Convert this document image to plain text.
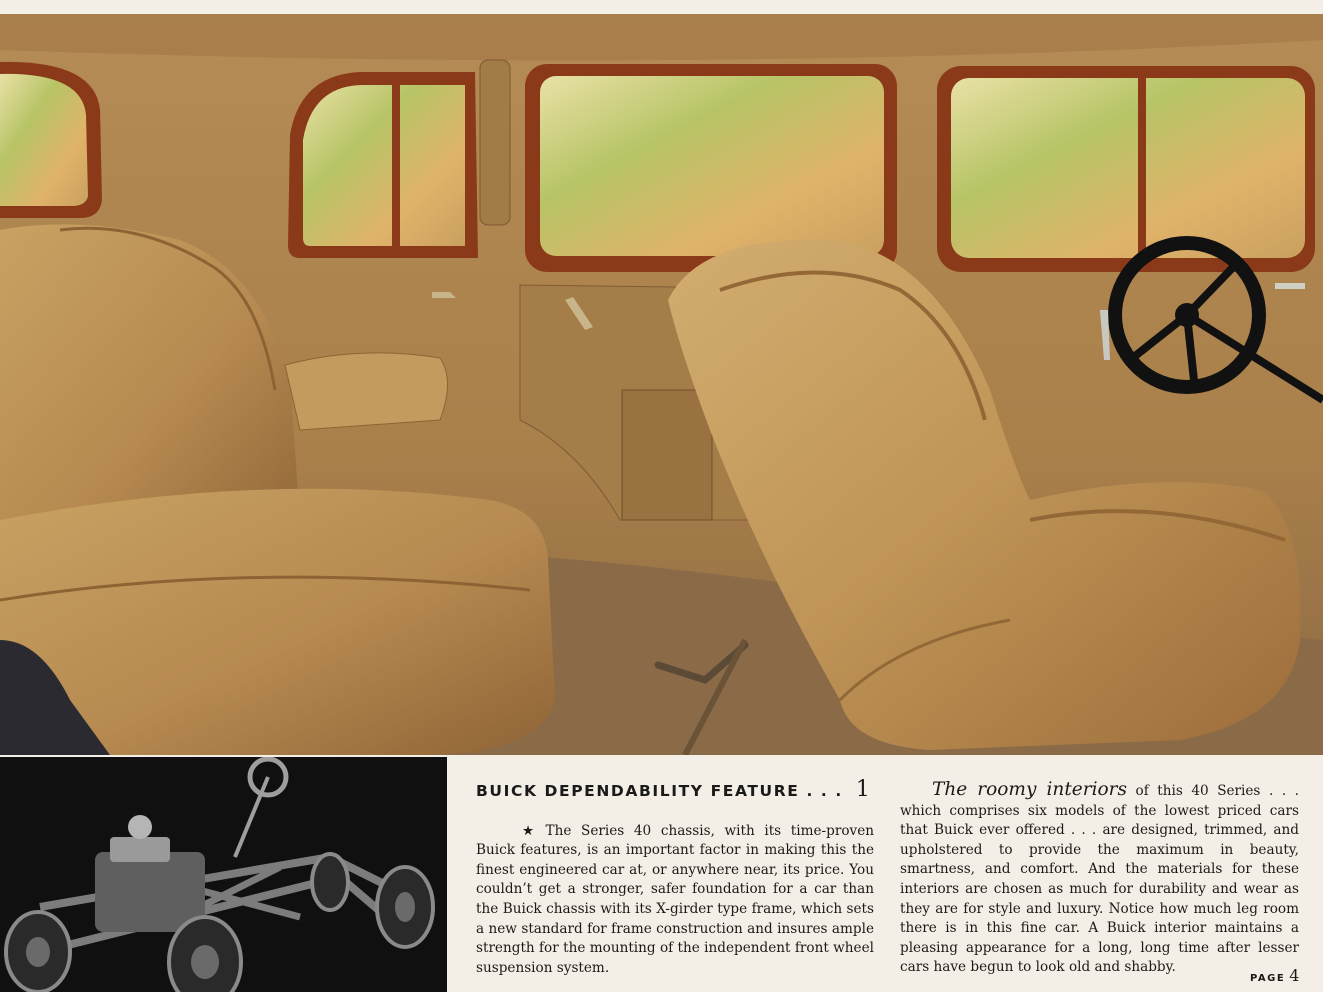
BUICK DEPENDABILITY FEATURE . . . 1

★ The Series 40 chassis, with its time-proven Buick features, is an important factor in making this the finest engineered car at, or anywhere near, its price. You couldn’t get a stronger, safer foundation for a car than the Buick chassis with its X-girder type frame, which sets a new standard for frame construction and insures ample strength for the mounting of the independent front wheel suspension system.

The roomy interiors of this 40 Series . . . which comprises six models of the lowest priced cars that Buick ever offered . . . are designed, trimmed, and upholstered to provide the maximum in beauty, smartness, and comfort. And the materials for these interiors are chosen as much for durability and wear as they are for style and luxury. Notice how much leg room there is in this fine car. A Buick interior maintains a pleasing appearance for a long, long time after lesser cars have begun to look old and shabby.

PAGE 4
